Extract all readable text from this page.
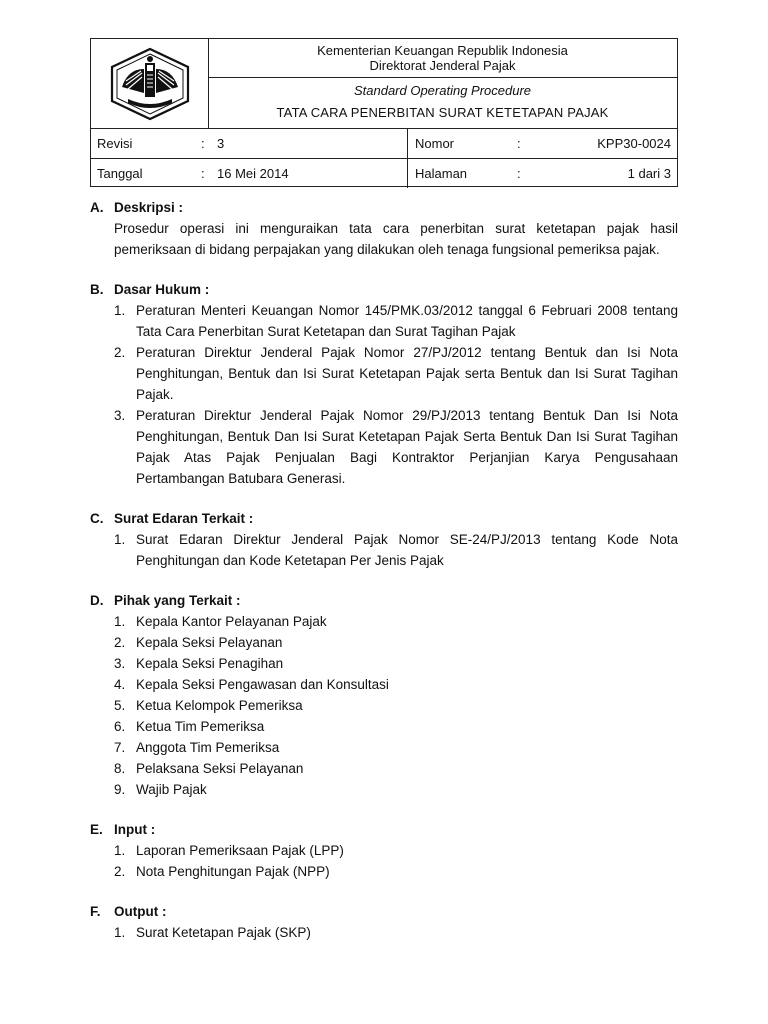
Kementerian Keuangan Republik Indonesia
Direktorat Jenderal Pajak
Standard Operating Procedure
TATA CARA PENERBITAN SURAT KETETAPAN PAJAK
Revisi	: 3	Nomor	:	KPP30-0024
Tanggal	: 16 Mei 2014	Halaman	:	1 dari 3
A. Deskripsi :
Prosedur operasi ini menguraikan tata cara penerbitan surat ketetapan pajak hasil pemeriksaan di bidang perpajakan yang dilakukan oleh tenaga fungsional pemeriksa pajak.
B. Dasar Hukum :
1. Peraturan Menteri Keuangan Nomor 145/PMK.03/2012 tanggal 6 Februari 2008 tentang Tata Cara Penerbitan Surat Ketetapan dan Surat Tagihan Pajak
2. Peraturan Direktur Jenderal Pajak Nomor 27/PJ/2012 tentang Bentuk dan Isi Nota Penghitungan, Bentuk dan Isi Surat Ketetapan Pajak serta Bentuk dan Isi Surat Tagihan Pajak.
3. Peraturan Direktur Jenderal Pajak Nomor 29/PJ/2013 tentang Bentuk Dan Isi Nota Penghitungan, Bentuk Dan Isi Surat Ketetapan Pajak Serta Bentuk Dan Isi Surat Tagihan Pajak Atas Pajak Penjualan Bagi Kontraktor Perjanjian Karya Pengusahaan Pertambangan Batubara Generasi.
C. Surat Edaran Terkait :
1. Surat Edaran Direktur Jenderal Pajak Nomor SE-24/PJ/2013 tentang Kode Nota Penghitungan dan Kode Ketetapan Per Jenis Pajak
D. Pihak yang Terkait :
1. Kepala Kantor Pelayanan Pajak
2. Kepala Seksi Pelayanan
3. Kepala Seksi Penagihan
4. Kepala Seksi Pengawasan dan Konsultasi
5. Ketua Kelompok Pemeriksa
6. Ketua Tim Pemeriksa
7. Anggota Tim Pemeriksa
8. Pelaksana Seksi Pelayanan
9. Wajib Pajak
E. Input :
1. Laporan Pemeriksaan Pajak (LPP)
2. Nota Penghitungan Pajak (NPP)
F. Output :
1. Surat Ketetapan Pajak (SKP)
